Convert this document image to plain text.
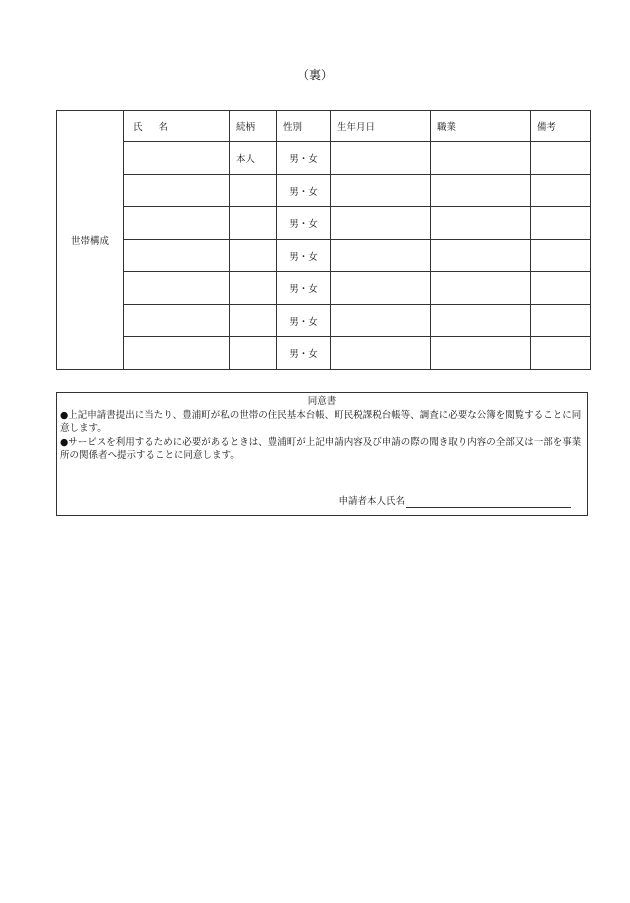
（裏）
世帯構成	氏 名	続柄	性別	生年月日	職業	備考
		本人	男・女			
			男・女			
			男・女			
			男・女			
			男・女			
			男・女			
			男・女			
同意書
●上記申請書提出に当たり、豊浦町が私の世帯の住民基本台帳、町民税課税台帳等、調査に必要な公簿を閲覧することに同意します。
●サービスを利用するために必要があるときは、豊浦町が上記申請内容及び申請の際の聞き取り内容の全部又は一部を事業所の関係者へ提示することに同意します。
申請者本人氏名
